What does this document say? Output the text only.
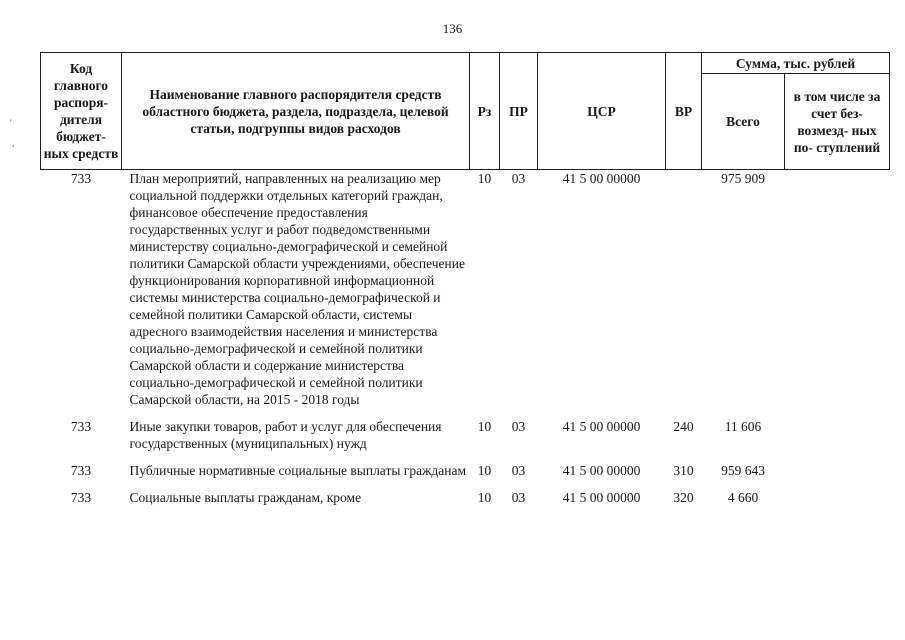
136
'
,
Код главного распоря- дителя бюджет- ных средств	Наименование главного распорядителя средств областного бюджета, раздела, подраздела, целевой статьи, подгруппы видов расходов	Рз	ПР	ЦСР	ВР	Сумма, тыс. рублей	
						Всего	в том числе за счет без- возмезд- ных по- ступлений
733	План мероприятий, направленных на реализацию мер социальной поддержки отдельных категорий граждан, финансовое обеспечение предоставления государственных услуг и работ подведомственными министерству социально-демографической и семейной политики Самарской области учреждениями, обеспечение функционирования корпоративной информационной системы министерства социально-демографической и семейной политики Самарской области, системы адресного взаимодействия населения и министерства социально-демографической и семейной политики Самарской области и содержание министерства социально-демографической и семейной политики Самарской области, на 2015 - 2018 годы	10	03	41 5 00 00000		975 909	
733	Иные закупки товаров, работ и услуг для обеспечения государственных (муниципальных) нужд	10	03	41 5 00 00000	240	11 606	
733	Публичные нормативные социальные выплаты гражданам	10	03	41 5 00 00000	310	959 643	
733	Социальные выплаты гражданам, кроме	10	03	41 5 00 00000	320	4 660	
